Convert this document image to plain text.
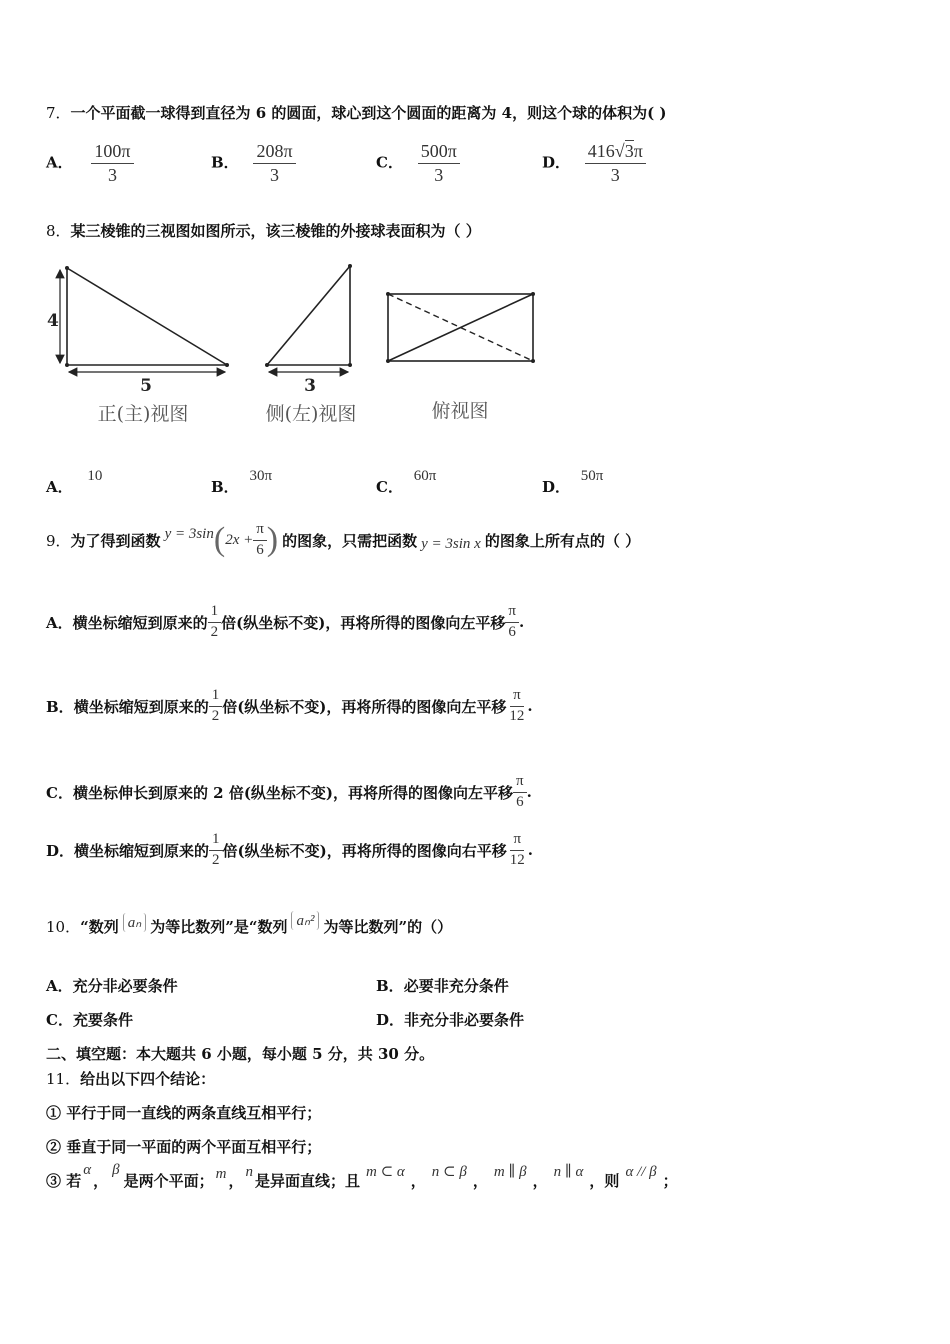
7．一个平面截一球得到直径为 6 的圆面，球心到这个圆面的距离为 4，则这个球的体积为( )
A． $\frac{100\pi}{3}$	B． $\frac{208\pi}{3}$	C． $\frac{500\pi}{3}$	D． $\frac{416√3\pi}{3}$
8．某三棱锥的三视图如图所示，该三棱锥的外接球表面积为（ ）
4
5
正(主)视图
3
侧(左)视图	俯视图
A． 10
B． 30π
C． 60π
D． 50π
9． 为了得到函数 y = 3sin ( $2x + \frac{\pi}{6}$ ) 的图象，只需把函数 y = 3sin x 的图象上所有点的（ ）
A． 横坐标缩短到原来的 $\frac{1}{2}$ 倍(纵坐标不变)，再将所得的图像向左平移 $\frac{\pi}{6}$ .
B． 横坐标缩短到原来的 $\frac{1}{2}$ 倍(纵坐标不变)，再将所得的图像向左平移 $\frac{\pi}{12}$ .
C． 横坐标伸长到原来的 2 倍(纵坐标不变)，再将所得的图像向左平移 $\frac{\pi}{6}$ .
D． 横坐标缩短到原来的 $\frac{1}{2}$ 倍(纵坐标不变)，再将所得的图像向右平移 $\frac{\pi}{12}$ .
10． “数列 aₙ 为等比数列”是“数列 aₙ² 为等比数列”的（）
A．充分非必要条件	B．必要非充分条件
C．充要条件	D．非充分非必要条件
二、填空题：本大题共 6 小题，每小题 5 分，共 30 分。
11．给出以下四个结论：
① 平行于同一直线的两条直线互相平行；
② 垂直于同一平面的两个平面互相平行；
③ 若
α
，
β
是两个平面； m ， n 是异面直线；且 m ⊂ α ， n ⊂ β ， m ∥ β ， n ∥ α ，则 α // β ；
